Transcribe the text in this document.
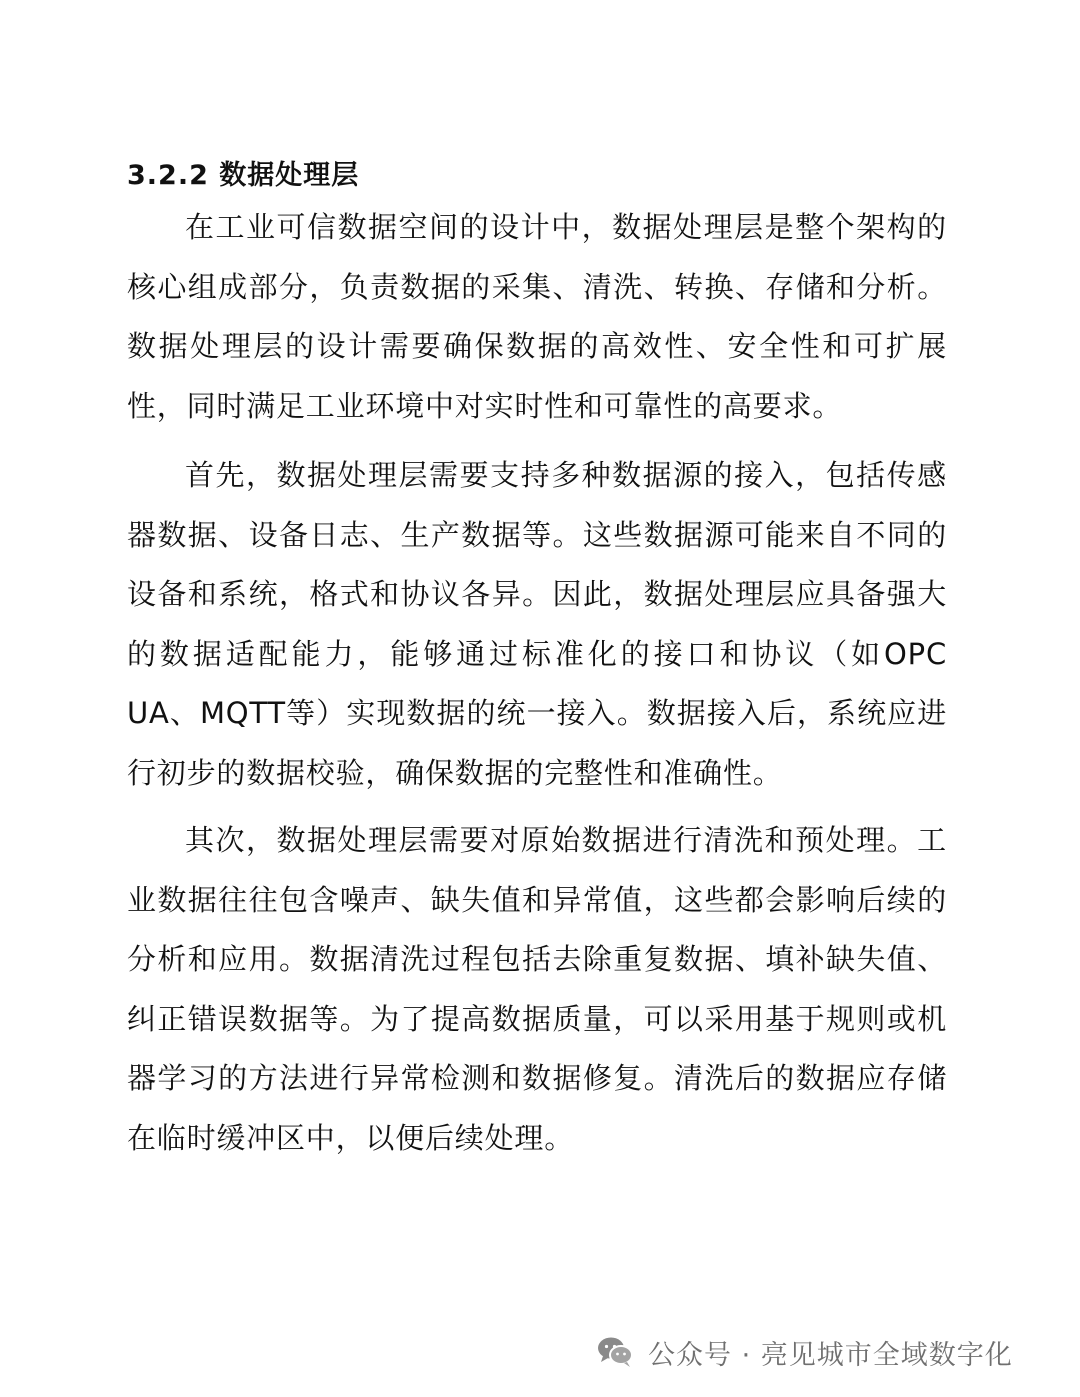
3.2.2 数据处理层

在工业可信数据空间的设计中，数据处理层是整个架构的核心组成部分，负责数据的采集、清洗、转换、存储和分析。数据处理层的设计需要确保数据的高效性、安全性和可扩展性，同时满足工业环境中对实时性和可靠性的高要求。

首先，数据处理层需要支持多种数据源的接入，包括传感器数据、设备日志、生产数据等。这些数据源可能来自不同的设备和系统，格式和协议各异。因此，数据处理层应具备强大的数据适配能力，能够通过标准化的接口和协议（如OPC UA、MQTT等）实现数据的统一接入。数据接入后，系统应进行初步的数据校验，确保数据的完整性和准确性。

其次，数据处理层需要对原始数据进行清洗和预处理。工业数据往往包含噪声、缺失值和异常值，这些都会影响后续的分析和应用。数据清洗过程包括去除重复数据、填补缺失值、纠正错误数据等。为了提高数据质量，可以采用基于规则或机器学习的方法进行异常检测和数据修复。清洗后的数据应存储在临时缓冲区中，以便后续处理。

公众号 · 亮见城市全域数字化
